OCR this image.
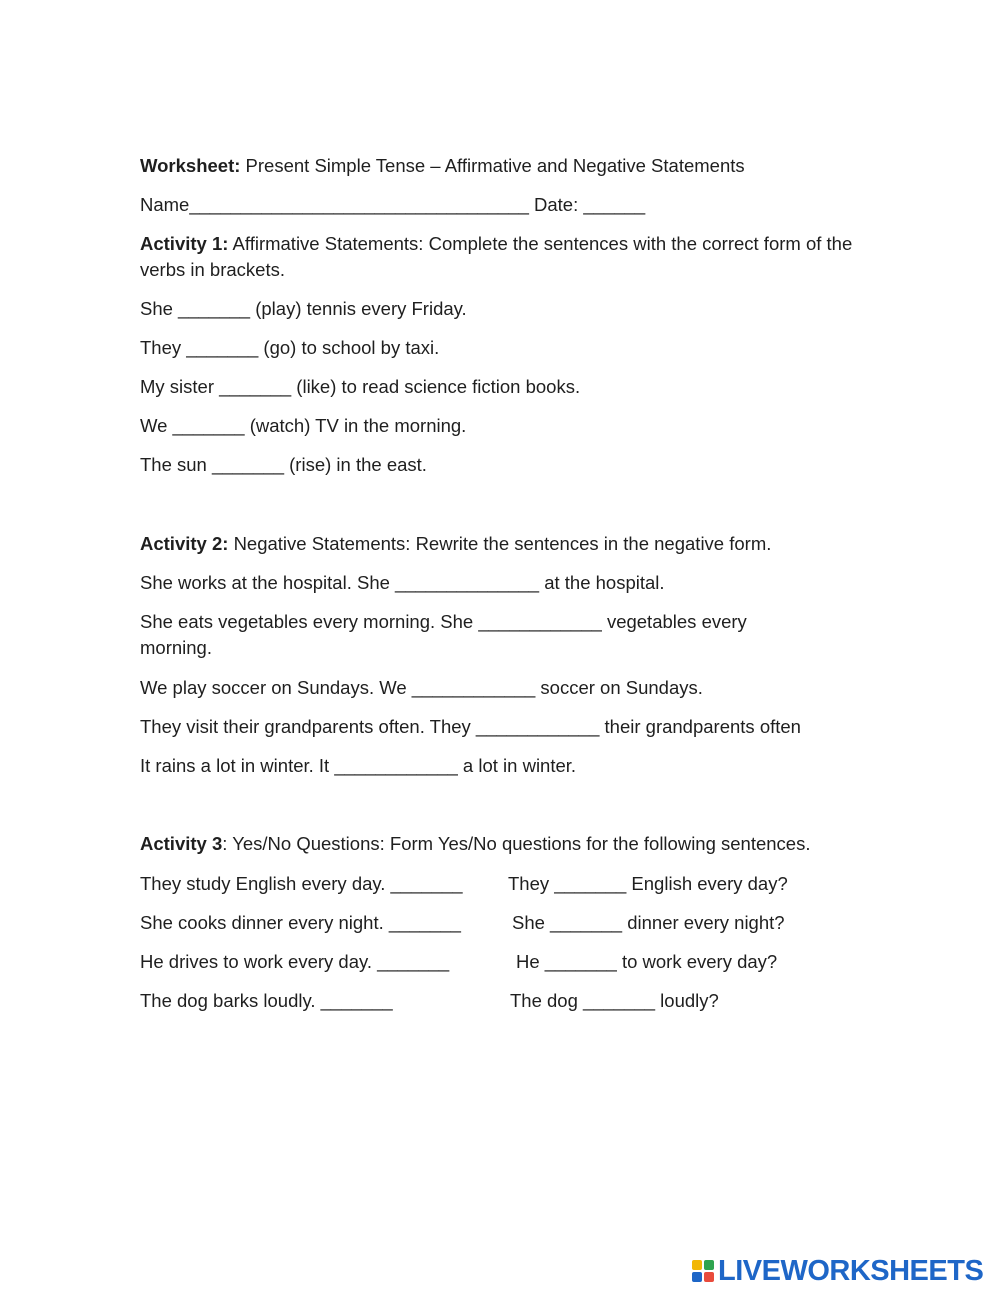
Worksheet: Present Simple Tense – Affirmative and Negative Statements
Name_________________________________ Date: ______
Activity 1: Affirmative Statements: Complete the sentences with the correct form of the verbs in brackets.
She _______ (play) tennis every Friday.
They _______ (go) to school by taxi.
My sister _______ (like) to read science fiction books.
We _______ (watch) TV in the morning.
The sun _______ (rise) in the east.
Activity 2: Negative Statements: Rewrite the sentences in the negative form.
She works at the hospital. She ______________ at the hospital.
She eats vegetables every morning. She ____________ vegetables every morning.
We play soccer on Sundays. We ____________ soccer on Sundays.
They visit their grandparents often. They ____________ their grandparents often
It rains a lot in winter. It ____________ a lot in winter.
Activity 3: Yes/No Questions: Form Yes/No questions for the following sentences.
They study English every day. _______ They _______ English every day?
She cooks dinner every night. _______	She _______ dinner every night?
He drives to work every day. _______	He _______ to work every day?
The dog barks loudly. _______	The dog _______ loudly?
LIVEWORKSHEETS
